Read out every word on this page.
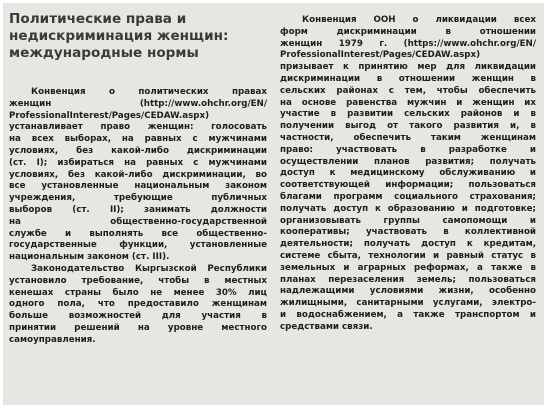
Политические права и
недискриминация женщин:
международные нормы
Конвенция о политических правах
женщин (http://www.ohchr.org/EN/
ProfessionalInterest/Pages/CEDAW.aspx)
устанавливает право женщин: голосовать
на всех выборах, на равных с мужчинами
условиях, без какой-либо дискриминации
(ст. I); избираться на равных с мужчинами
условиях, без какой-либо дискриминации, во
все установленные национальным законом
учреждения, требующие публичных
выборов (ст. II); занимать должности
на общественно-государственной
службе и выполнять все общественно-
государственные функции, установленные
национальным законом (ст. III).
Законодательство Кыргызской Республики
установило требование, чтобы в местных
кенешах страны было не менее 30% лиц
одного пола, что предоставило женщинам
больше возможностей для участия в
принятии решений на уровне местного
самоуправления.
Конвенция ООН о ликвидации всех
форм дискриминации в отношении
женщин 1979 г. (https://www.ohchr.org/EN/
ProfessionalInterest/Pages/CEDAW.aspx)
призывает к принятию мер для ликвидации
дискриминации в отношении женщин в
сельских районах с тем, чтобы обеспечить
на основе равенства мужчин и женщин их
участие в развитии сельских районов и в
получении выгод от такого развития и, в
частности, обеспечить таким женщинам
право: участвовать в разработке и
осуществлении планов развития; получать
доступ к медицинскому обслуживанию и
соответствующей информации; пользоваться
благами программ социального страхования;
получать доступ к образованию и подготовке;
организовывать группы самопомощи и
кооперативы; участвовать в коллективной
деятельности; получать доступ к кредитам,
системе сбыта, технологии и равный статус в
земельных и аграрных реформах, а также в
планах перезаселения земель; пользоваться
надлежащими условиями жизни, особенно
жилищными, санитарными услугами, электро-
и водоснабжением, а также транспортом и
средствами связи.
